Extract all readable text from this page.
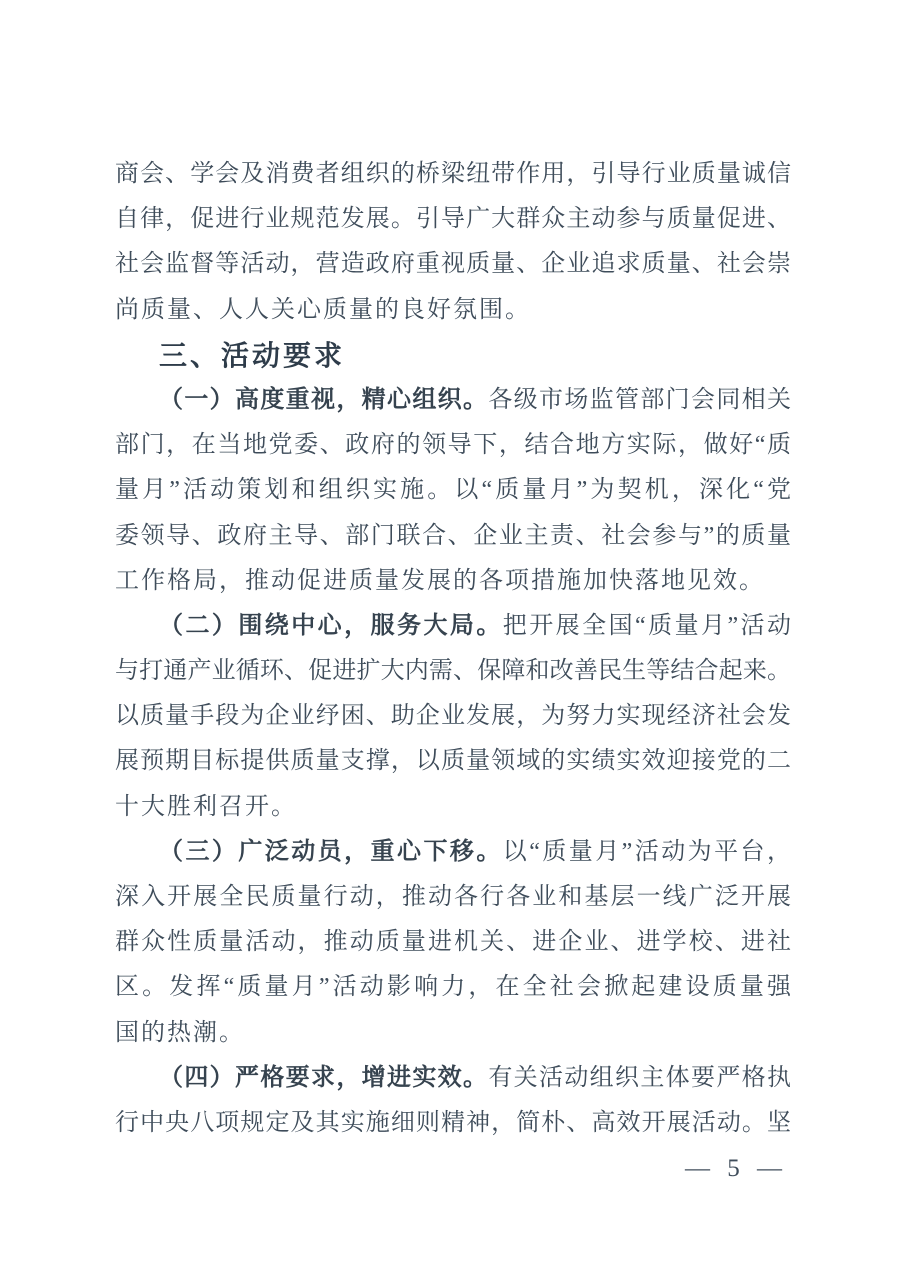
商会、学会及消费者组织的桥梁纽带作用，引导行业质量诚信
自律，促进行业规范发展。引导广大群众主动参与质量促进、
社会监督等活动，营造政府重视质量、企业追求质量、社会崇
尚质量、人人关心质量的良好氛围。
三、活动要求
（一）高度重视，精心组织。各级市场监管部门会同相关
部门，在当地党委、政府的领导下，结合地方实际，做好“质
量月”活动策划和组织实施。以“质量月”为契机，深化“党
委领导、政府主导、部门联合、企业主责、社会参与”的质量
工作格局，推动促进质量发展的各项措施加快落地见效。
（二）围绕中心，服务大局。把开展全国“质量月”活动
与打通产业循环、促进扩大内需、保障和改善民生等结合起来。
以质量手段为企业纾困、助企业发展，为努力实现经济社会发
展预期目标提供质量支撑，以质量领域的实绩实效迎接党的二
十大胜利召开。
（三）广泛动员，重心下移。以“质量月”活动为平台，
深入开展全民质量行动，推动各行各业和基层一线广泛开展
群众性质量活动，推动质量进机关、进企业、进学校、进社
区。发挥“质量月”活动影响力，在全社会掀起建设质量强
国的热潮。
（四）严格要求，增进实效。有关活动组织主体要严格执
行中央八项规定及其实施细则精神，简朴、高效开展活动。坚
— 5 —
